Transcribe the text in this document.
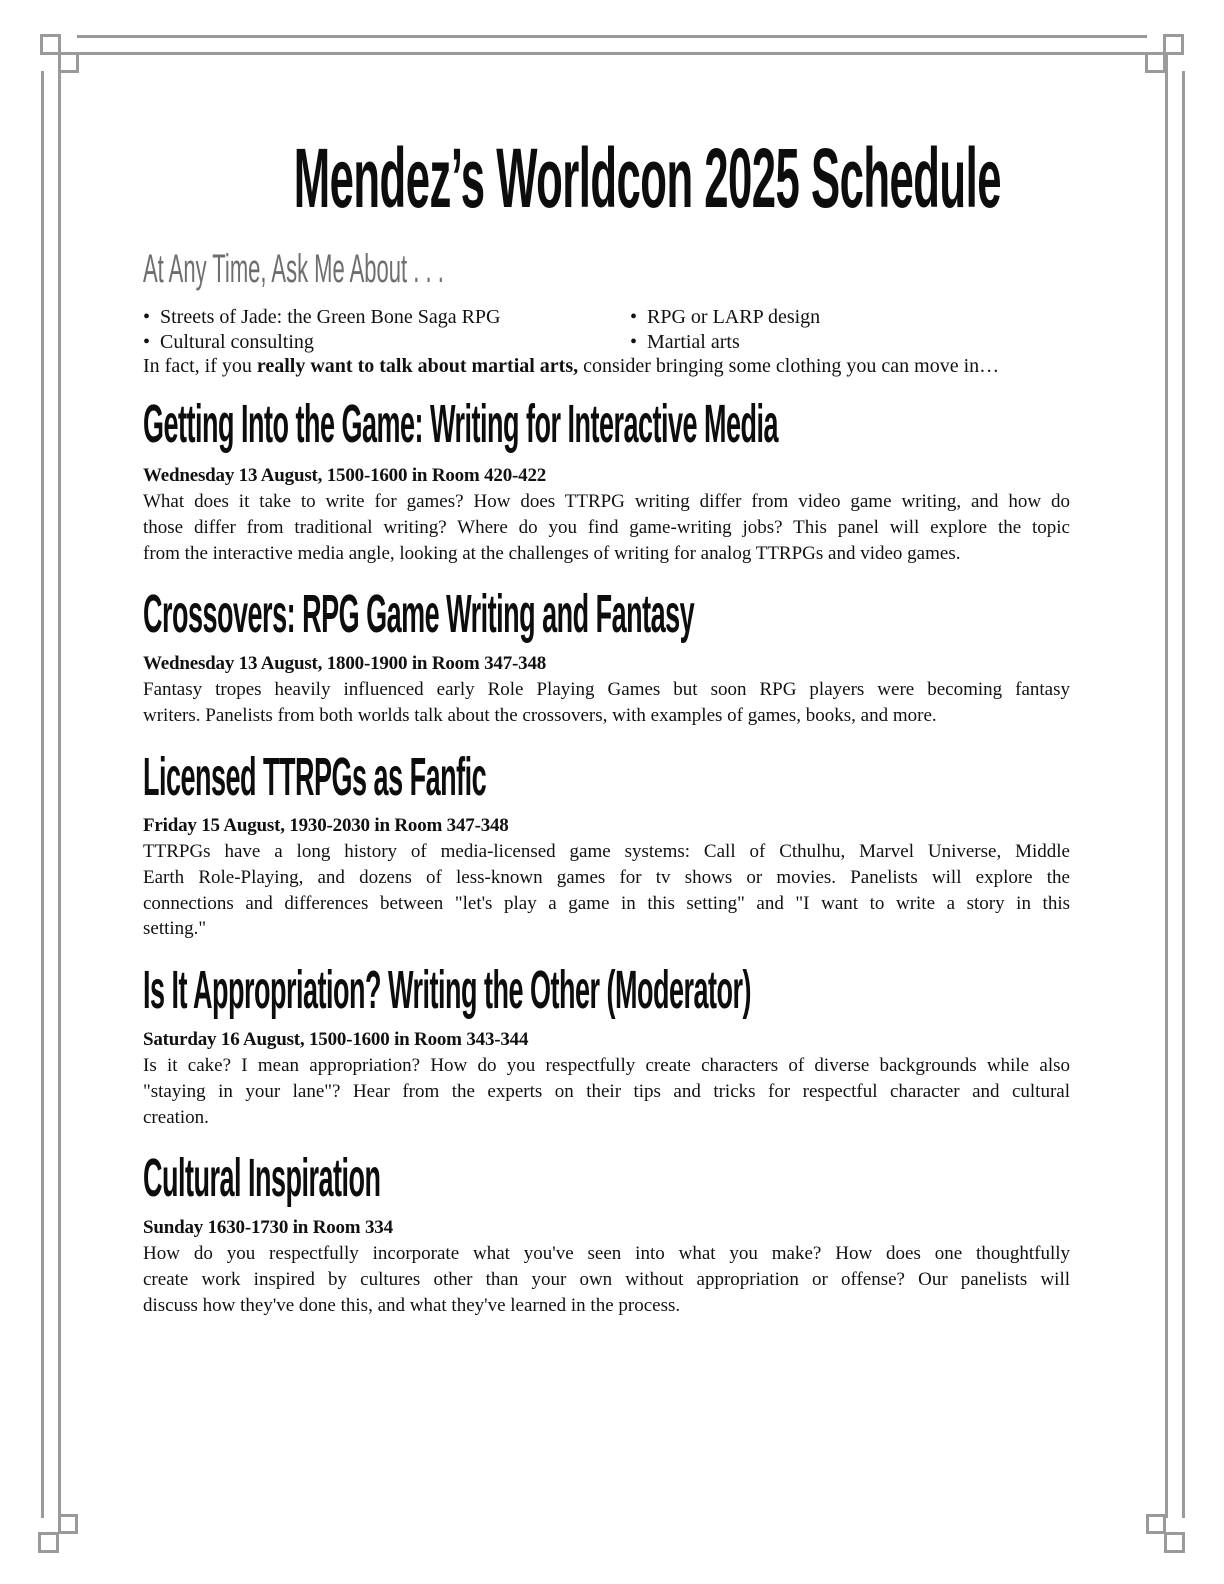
Mendez’s Worldcon 2025 Schedule
At Any Time, Ask Me About . . .
• Streets of Jade: the Green Bone Saga RPG	• RPG or LARP design
• Cultural consulting	• Martial arts
In fact, if you really want to talk about martial arts, consider bringing some clothing you can move in…
Getting Into the Game: Writing for Interactive Media
Wednesday 13 August, 1500-1600 in Room 420-422
What does it take to write for games? How does TTRPG writing differ from video game writing, and how do
those differ from traditional writing? Where do you find game-writing jobs? This panel will explore the topic
from the interactive media angle, looking at the challenges of writing for analog TTRPGs and video games.
Crossovers: RPG Game Writing and Fantasy
Wednesday 13 August, 1800-1900 in Room 347-348
Fantasy tropes heavily influenced early Role Playing Games but soon RPG players were becoming fantasy
writers. Panelists from both worlds talk about the crossovers, with examples of games, books, and more.
Licensed TTRPGs as Fanfic
Friday 15 August, 1930-2030 in Room 347-348
TTRPGs have a long history of media-licensed game systems: Call of Cthulhu, Marvel Universe, Middle
Earth Role-Playing, and dozens of less-known games for tv shows or movies. Panelists will explore the
connections and differences between "let's play a game in this setting" and "I want to write a story in this
setting."
Is It Appropriation? Writing the Other (Moderator)
Saturday 16 August, 1500-1600 in Room 343-344
Is it cake? I mean appropriation? How do you respectfully create characters of diverse backgrounds while also
"staying in your lane"? Hear from the experts on their tips and tricks for respectful character and cultural
creation.
Cultural Inspiration
Sunday 1630-1730 in Room 334
How do you respectfully incorporate what you've seen into what you make? How does one thoughtfully
create work inspired by cultures other than your own without appropriation or offense? Our panelists will
discuss how they've done this, and what they've learned in the process.
